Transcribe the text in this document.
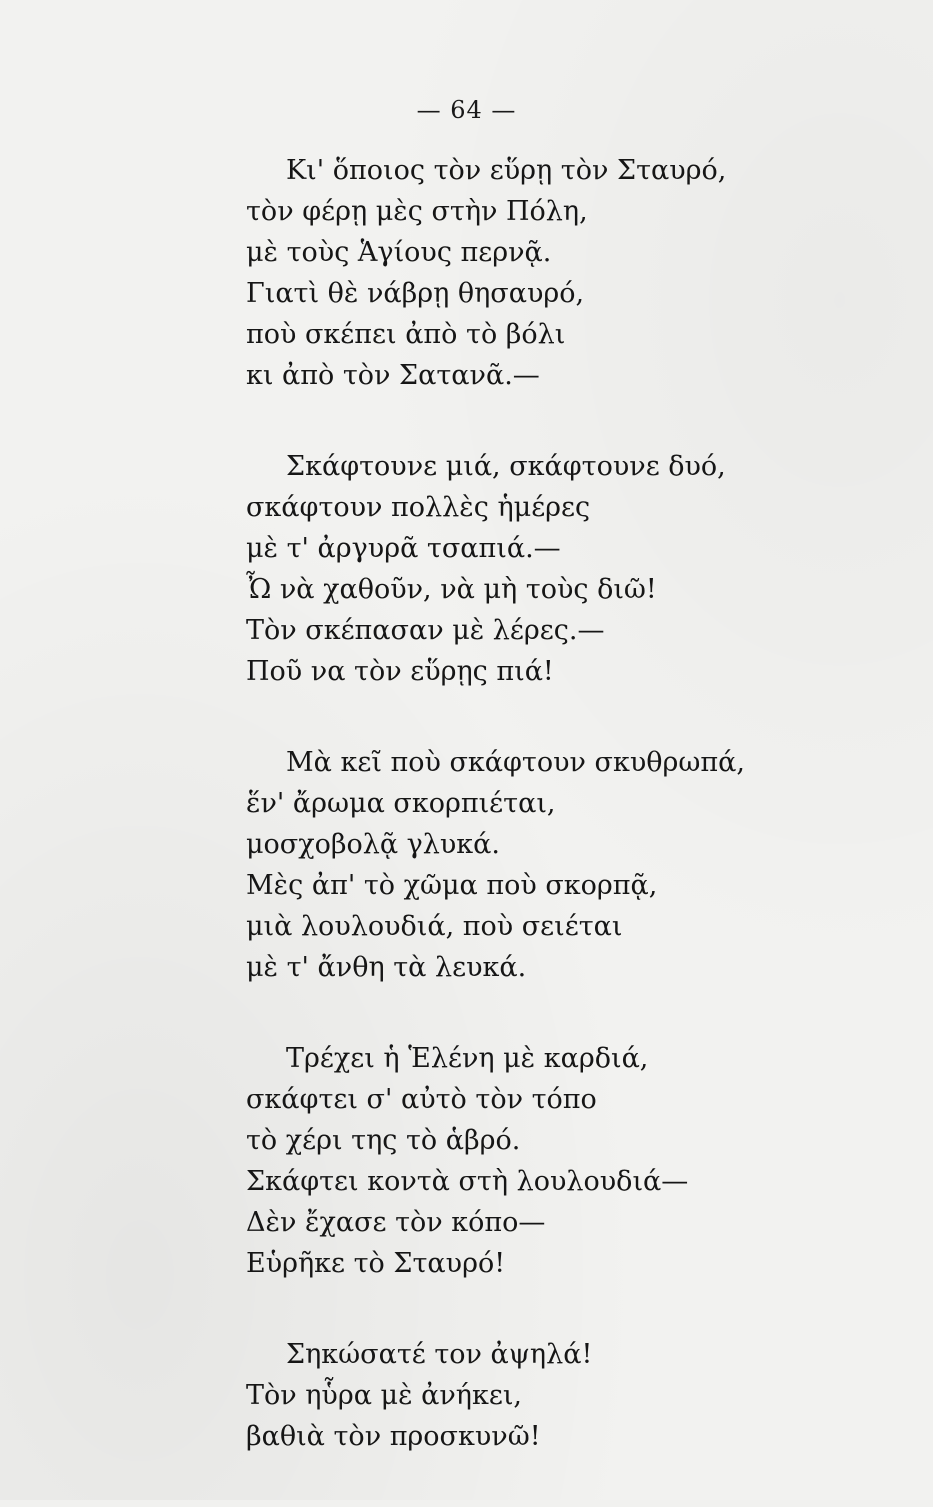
— 64 —
Κι' ὅποιος τὸν εὕρῃ τὸν Σταυρό,
τὸν φέρῃ μὲς στὴν Πόλη,
μὲ τοὺς Ἁγίους περνᾷ.
Γιατὶ θὲ νάβρῃ θησαυρό,
ποὺ σκέπει ἀπὸ τὸ βόλι
κι ἀπὸ τὸν Σατανᾶ.—
Σκάφτουνε μιά, σκάφτουνε δυό,
σκάφτουν πολλὲς ἡμέρες
μὲ τ' ἀργυρᾶ τσαπιά.—
Ὦ νὰ χαθοῦν, νὰ μὴ τοὺς διῶ!
Τὸν σκέπασαν μὲ λέρες.—
Ποῦ να τὸν εὕρῃς πιά!
Μὰ κεῖ ποὺ σκάφτουν σκυθρωπά,
ἕν' ἄρωμα σκορπιέται,
μοσχοβολᾷ γλυκά.
Μὲς ἀπ' τὸ χῶμα ποὺ σκορπᾷ,
μιὰ λουλουδιά, ποὺ σειέται
μὲ τ' ἄνθη τὰ λευκά.
Τρέχει ἡ Ἑλένη μὲ καρδιά,
σκάφτει σ' αὐτὸ τὸν τόπο
τὸ χέρι της τὸ ἁβρό.
Σκάφτει κοντὰ στὴ λουλουδιά—
Δὲν ἔχασε τὸν κόπο—
Εὑρῆκε τὸ Σταυρό!
Σηκώσατέ τον ἀψηλά!
Τὸν ηὗρα μὲ ἀνήκει,
βαθιὰ τὸν προσκυνῶ!
